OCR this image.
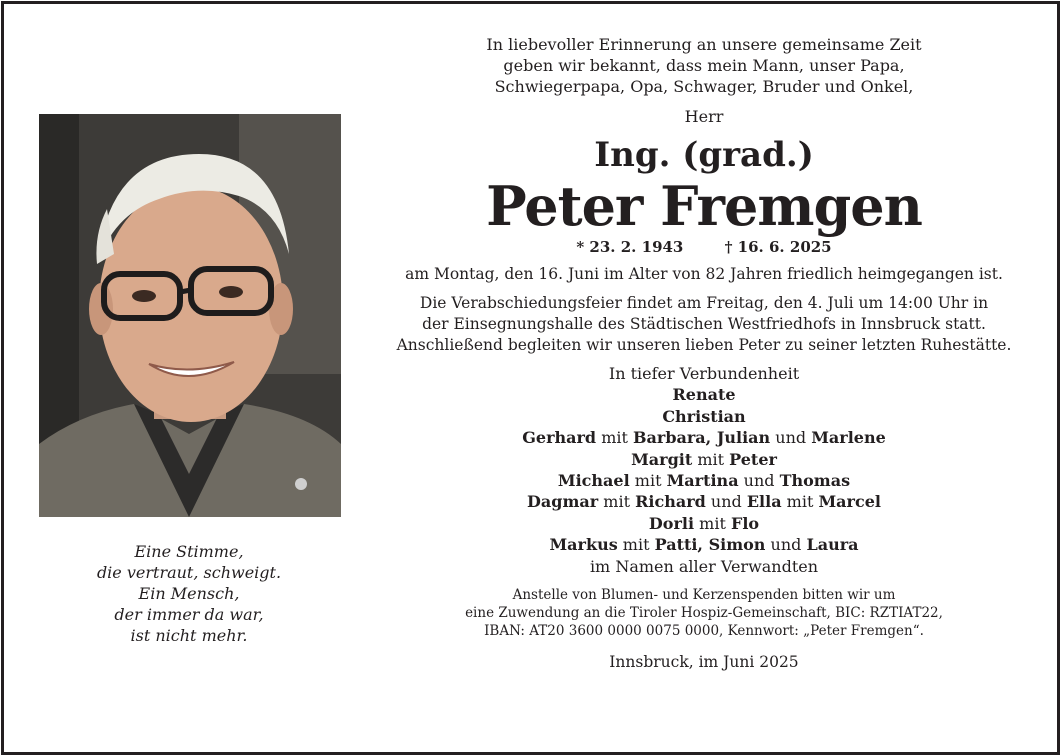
Eine Stimme,
die vertraut, schweigt.
Ein Mensch,
der immer da war,
ist nicht mehr.
In liebevoller Erinnerung an unsere gemeinsame Zeit
geben wir bekannt, dass mein Mann, unser Papa,
Schwiegerpapa, Opa, Schwager, Bruder und Onkel,
Herr
Ing. (grad.)
Peter Fremgen
* 23. 2. 1943	† 16. 6. 2025
am Montag, den 16. Juni im Alter von 82 Jahren friedlich heimgegangen ist.
Die Verabschiedungsfeier findet am Freitag, den 4. Juli um 14:00 Uhr in
der Einsegnungshalle des Städtischen Westfriedhofs in Innsbruck statt.
Anschließend begleiten wir unseren lieben Peter zu seiner letzten Ruhestätte.
In tiefer Verbundenheit
Renate
Christian
Gerhard mit Barbara, Julian und Marlene
Margit mit Peter
Michael mit Martina und Thomas
Dagmar mit Richard und Ella mit Marcel
Dorli mit Flo
Markus mit Patti, Simon und Laura
im Namen aller Verwandten
Anstelle von Blumen- und Kerzenspenden bitten wir um
eine Zuwendung an die Tiroler Hospiz-Gemeinschaft, BIC: RZTIAT22,
IBAN: AT20 3600 0000 0075 0000, Kennwort: „Peter Fremgen“.
Innsbruck, im Juni 2025
